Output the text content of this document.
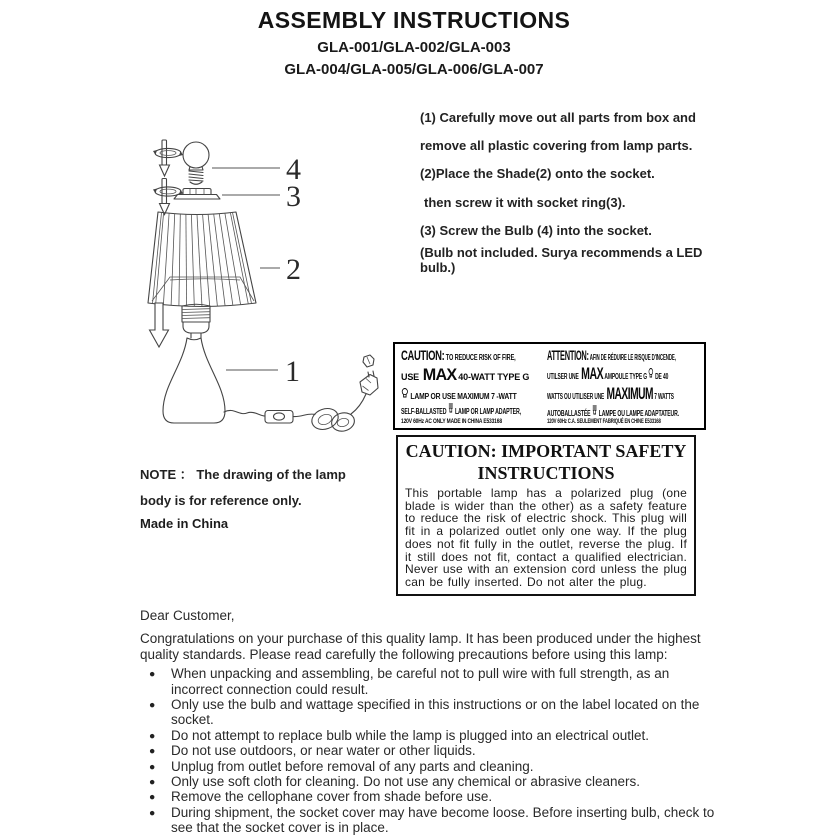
ASSEMBLY INSTRUCTIONS
GLA-001/GLA-002/GLA-003
GLA-004/GLA-005/GLA-006/GLA-007
4
3
2
1
(1) Carefully move out all parts from box and
remove all plastic covering from lamp parts.
(2)Place the Shade(2) onto the socket.
then screw it with socket ring(3).
(3) Screw the Bulb (4) into the socket.
(Bulb not included. Surya recommends a LED bulb.)
CAUTION: TO REDUCE RISK OF FIRE,
USE MAX 40-WATT TYPE G
LAMP OR USE MAXIMUM 7 -WATT
SELF-BALLASTED LAMP OR LAMP ADAPTER,
120V 60Hz AC ONLY MADE IN CHINA E533168
ATTENTION: AFIN DE RÉDUIRE LE RISQUE D'INCENDE,
UTILSER UNE MAX AMPOULE TYPE G DE 40
WATTS OU UTILISER UNE MAXIMUM 7 WATTS
AUTOBALLASTÉE LAMPE OU LAMPE ADAPTATEUR.
120V 60Hz C.A. SEULEMENT FABRIQUÉ EN CHINE E533168
CAUTION: IMPORTANT SAFETY
INSTRUCTIONS

This portable lamp has a polarized plug (one blade is wider than the other) as a safety feature to reduce the risk of electric shock. This plug will fit in a polarized outlet only one way. If the plug does not fit fully in the outlet, reverse the plug. If it still does not fit, contact a qualified electrician. Never use with an extension cord unless the plug can be fully inserted. Do not alter the plug.

NOTE ： The drawing of the lamp
body is for reference only.
Made in China
Dear Customer,

Congratulations on your purchase of this quality lamp. It has been produced under the highest quality standards. Please read carefully the following precautions before using this lamp:

● When unpacking and assembling, be careful not to pull wire with full strength, as an incorrect connection could result.
● Only use the bulb and wattage specified in this instructions or on the label located on the socket.
● Do not attempt to replace bulb while the lamp is plugged into an electrical outlet.
● Do not use outdoors, or near water or other liquids.
● Unplug from outlet before removal of any parts and cleaning.
● Only use soft cloth for cleaning. Do not use any chemical or abrasive cleaners.
● Remove the cellophane cover from shade before use.
● During shipment, the socket cover may have become loose. Before inserting bulb, check to see that the socket cover is in place.
